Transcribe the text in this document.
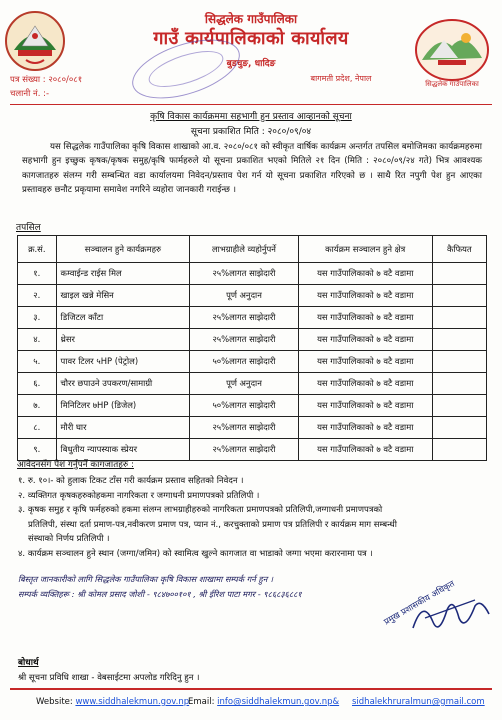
सिद्धलेक गाउँपालिका
गाउँ कार्यपालिकाको कार्यालय
बुडचुङ, धादिङ
बागमती प्रदेश, नेपाल
पत्र संख्या : २०८०/०८१
चलानी नं. :-
सिद्धलेक गाउँपालिका
कृषि विकास कार्यक्रममा सहभागी हुन प्रस्ताव आव्हानको सूचना
सूचना प्रकाशित मिति : २०८०/०९/०४
यस सिद्धलेक गाउँपालिका कृषि विकास शाखाको आ.व. २०८०/०८१ को स्वीकृत वार्षिक कार्यक्रम अन्तर्गत तपसिल बमोजिमका कार्यक्रमहरुमा सहभागी हुन इच्छुक कृषक/कृषक समुह/कृषि फार्महरुले यो सूचना प्रकाशित भएको मितिले २१ दिन (मिति : २०८०/०९/२४ गते) भित्र आवश्यक कागजातहरु संलग्न गरी सम्बन्धित वडा कार्यालयमा निवेदन/प्रस्ताव पेश गर्न यो सूचना प्रकाशित गरिएको छ । साथै रित नपुगी पेश हुन आएका प्रस्तावहरु छनौट प्रकृयामा समावेश नगरिने व्यहोरा जानकारी गराईन्छ ।
तपसिल
क्र.सं.	सञ्चालन हुने कार्यक्रमहरु	लाभग्राहीले व्यहोर्नुपर्ने	कार्यक्रम सञ्चालन हुने क्षेत्र	कैफियत
१.	कम्वाईन्ड राईस मिल	२५%लागत साझेदारी	यस गाउँपालिकाको ७ वटै वडामा	
२.	खाइल खन्ने मेसिन	पूर्ण अनुदान	यस गाउँपालिकाको ७ वटै वडामा	
३.	डिजिटल काँटा	२५%लागत साझेदारी	यस गाउँपालिकाको ७ वटै वडामा	
४.	थ्रेसर	२५%लागत साझेदारी	यस गाउँपालिकाको ७ वटै वडामा	
५.	पावर टिलर ५HP (पेट्रोल)	५०%लागत साझेदारी	यस गाउँपालिकाको ७ वटै वडामा	
६.	चौरर छपाउने उपकरण/सामाग्री	पूर्ण अनुदान	यस गाउँपालिकाको ७ वटै वडामा	
७.	मिनिटिलर ७HP (डिजेल)	५०%लागत साझेदारी	यस गाउँपालिकाको ७ वटै वडामा	
८.	मौरी घार	२५%लागत साझेदारी	यस गाउँपालिकाको ७ वटै वडामा	
९.	बिधुतीय न्यापस्याक स्प्रेयर	२५%लागत साझेदारी	यस गाउँपालिकाको ७ वटै वडामा	
आवेदनसँग पेश गर्नुपर्ने कागजातहरु :
१. रु. १०।- को हुलाक टिकट टाँस गरी कार्यक्रम प्रस्ताव सहितको निवेदन ।
२. व्यक्तिगत कृषकहरुकोहकमा नागरिकता र जग्गाधनी प्रमाणपत्रको प्रतिलिपी ।
३. कृषक समुह र कृषि फर्महरुको हकमा संलग्न लाभग्राहीहरुको नागरिकता प्रमाणपत्रको प्रतिलिपी,जग्गाधनी प्रमाणपत्रको
प्रतिलिपी, संस्था दर्ता प्रमाण-पत्र,नवीकरण प्रमाण पत्र, प्यान नं., करचुक्ताको प्रमाण पत्र प्रतिलिपी र कार्यक्रम माग सम्बन्धी
संस्थाको निर्णय प्रतिलिपी ।
४. कार्यक्रम सञ्चालन हुने स्थान (जग्गा/जमिन) को स्वामित्व खुल्ने कागजात वा भाडाको जग्गा भएमा करारनामा पत्र ।
बिस्तृत जानकारीको लागि सिद्धलेक गाउँपालिका कृषि विकास शाखामा सम्पर्क गर्न हुन ।
सम्पर्क व्यक्तिहरू : श्री कोमल प्रसाद जोशी - ९८४७००१०१ , श्री ईरिश पाटा मगर - ९८६८३६८८१	प्रमुख प्रशासकीय अधिकृत
बोधार्थ
श्री सूचना प्रविधि शाखा - वेबसाईटमा अपलोड गरिदिनु हुन ।
Website: www.siddhalekmun.gov.np
Email: info@siddhalekmun.gov.np& sidhalekhruralmun@gmail.com
